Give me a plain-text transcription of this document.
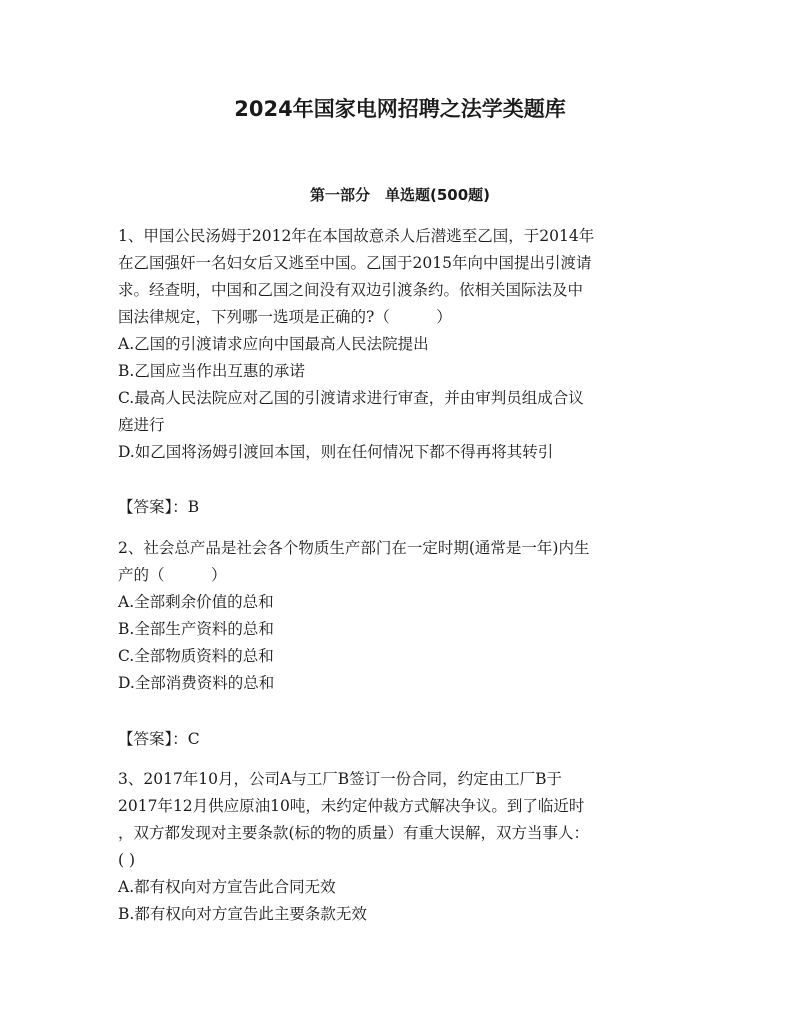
2024年国家电网招聘之法学类题库
第一部分　单选题(500题)
1、甲国公民汤姆于2012年在本国故意杀人后潜逃至乙国，于2014年
在乙国强奸一名妇女后又逃至中国。乙国于2015年向中国提出引渡请
求。经查明，中国和乙国之间没有双边引渡条约。依相关国际法及中
国法律规定，下列哪一选项是正确的?（　　　）
A.乙国的引渡请求应向中国最高人民法院提出
B.乙国应当作出互惠的承诺
C.最高人民法院应对乙国的引渡请求进行审查，并由审判员组成合议
庭进行
D.如乙国将汤姆引渡回本国，则在任何情况下都不得再将其转引
【答案】：B
2、社会总产品是社会各个物质生产部门在一定时期(通常是一年)内生
产的（　　　）
A.全部剩余价值的总和
B.全部生产资料的总和
C.全部物质资料的总和
D.全部消费资料的总和
【答案】：C
3、2017年10月，公司A与工厂B签订一份合同，约定由工厂B于
2017年12月供应原油10吨，未约定仲裁方式解决争议。到了临近时
，双方都发现对主要条款(标的物的质量）有重大误解，双方当事人：
( )
A.都有权向对方宣告此合同无效
B.都有权向对方宣告此主要条款无效
